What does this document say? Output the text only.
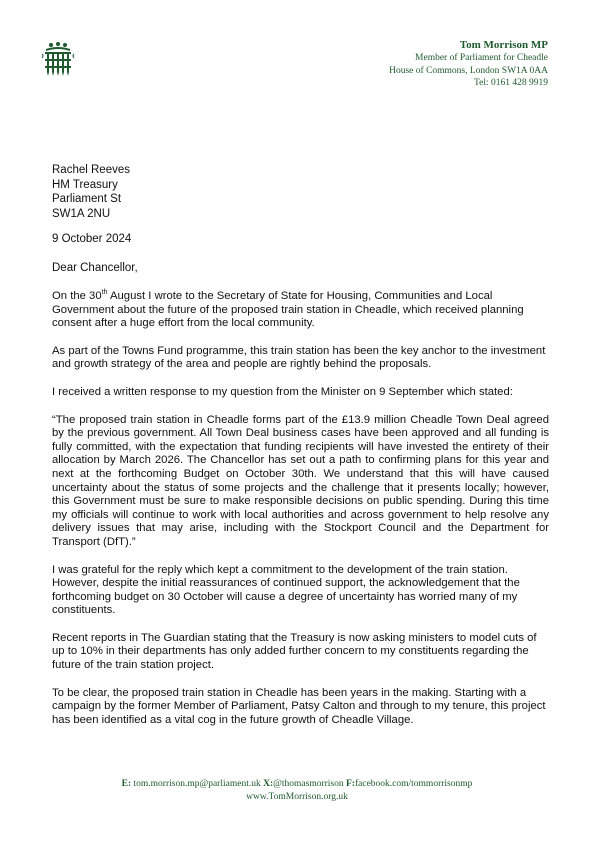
Tom Morrison MP
Member of Parliament for Cheadle
House of Commons, London SW1A 0AA
Tel: 0161 428 9919
Rachel Reeves
HM Treasury
Parliament St
SW1A 2NU
9 October 2024
Dear Chancellor,

On the 30th August I wrote to the Secretary of State for Housing, Communities and Local Government about the future of the proposed train station in Cheadle, which received planning consent after a huge effort from the local community.

As part of the Towns Fund programme, this train station has been the key anchor to the investment and growth strategy of the area and people are rightly behind the proposals.

I received a written response to my question from the Minister on 9 September which stated:

“The proposed train station in Cheadle forms part of the £13.9 million Cheadle Town Deal agreed by the previous government. All Town Deal business cases have been approved and all funding is fully committed, with the expectation that funding recipients will have invested the entirety of their allocation by March 2026. The Chancellor has set out a path to confirming plans for this year and next at the forthcoming Budget on October 30th. We understand that this will have caused uncertainty about the status of some projects and the challenge that it presents locally; however, this Government must be sure to make responsible decisions on public spending. During this time my officials will continue to work with local authorities and across government to help resolve any delivery issues that may arise, including with the Stockport Council and the Department for Transport (DfT).”

I was grateful for the reply which kept a commitment to the development of the train station. However, despite the initial reassurances of continued support, the acknowledgement that the forthcoming budget on 30 October will cause a degree of uncertainty has worried many of my constituents.

Recent reports in The Guardian stating that the Treasury is now asking ministers to model cuts of up to 10% in their departments has only added further concern to my constituents regarding the future of the train station project.

To be clear, the proposed train station in Cheadle has been years in the making. Starting with a campaign by the former Member of Parliament, Patsy Calton and through to my tenure, this project has been identified as a vital cog in the future growth of Cheadle Village.

E: tom.morrison.mp@parliament.uk X:@thomasmorrison F:facebook.com/tommorrisonmp
www.TomMorrison.org.uk
